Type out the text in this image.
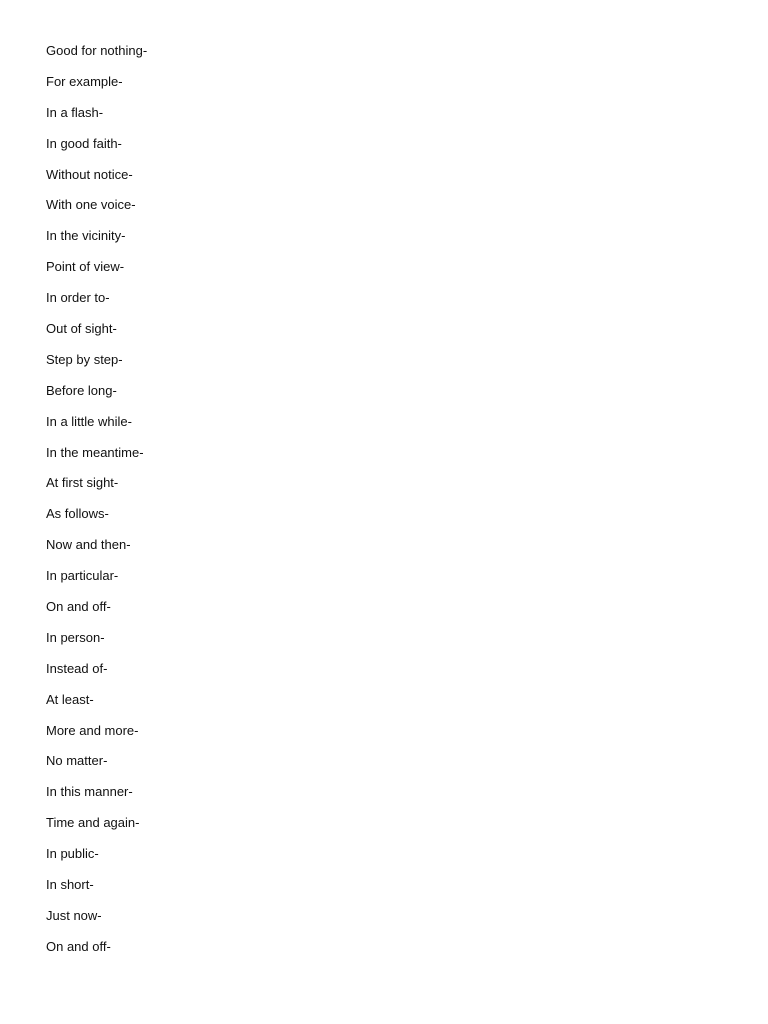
Good for nothing-
For example-
In a flash-
In good faith-
Without notice-
With one voice-
In the vicinity-
Point of view-
In order to-
Out of sight-
Step by step-
Before long-
In a little while-
In the meantime-
At first sight-
As follows-
Now and then-
In particular-
On and off-
In person-
Instead of-
At least-
More and more-
No matter-
In this manner-
Time and again-
In public-
In short-
Just now-
On and off-
